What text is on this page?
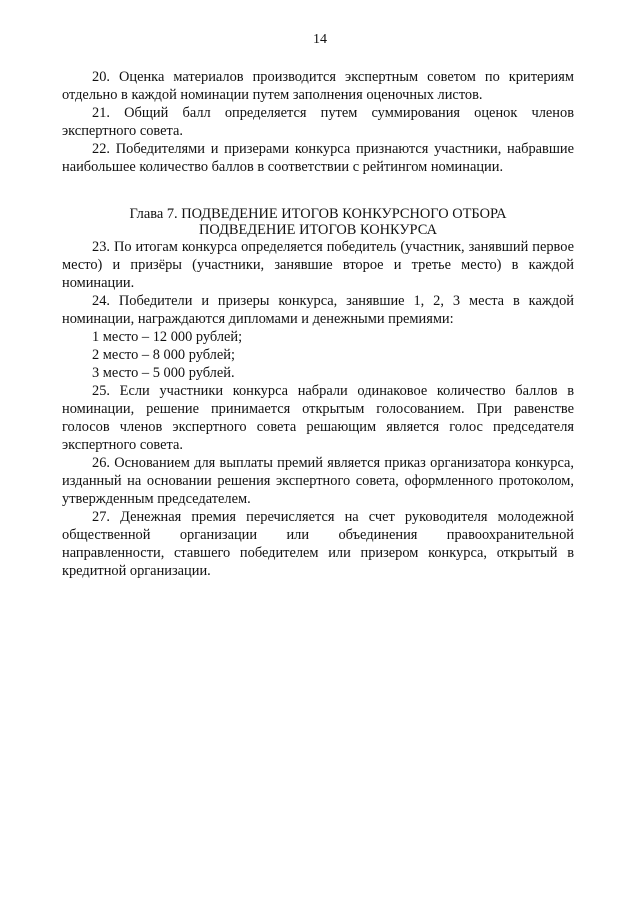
14

20. Оценка материалов производится экспертным советом по критериям отдельно в каждой номинации путем заполнения оценочных листов.

21. Общий балл определяется путем суммирования оценок членов экспертного совета.

22. Победителями и призерами конкурса признаются участники, набравшие наибольшее количество баллов в соответствии с рейтингом номинации.

Глава 7. ПОДВЕДЕНИЕ ИТОГОВ КОНКУРСНОГО ОТБОРА
ПОДВЕДЕНИЕ ИТОГОВ КОНКУРСА

23. По итогам конкурса определяется победитель (участник, занявший первое место) и призёры (участники, занявшие второе и третье место) в каждой номинации.

24. Победители и призеры конкурса, занявшие 1, 2, 3 места в каждой номинации, награждаются дипломами и денежными премиями:

1 место – 12 000 рублей;

2 место – 8 000 рублей;

3 место – 5 000 рублей.

25. Если участники конкурса набрали одинаковое количество баллов в номинации, решение принимается открытым голосованием. При равенстве голосов членов экспертного совета решающим является голос председателя экспертного совета.

26. Основанием для выплаты премий является приказ организатора конкурса, изданный на основании решения экспертного совета, оформленного протоколом, утвержденным председателем.

27. Денежная премия перечисляется на счет руководителя молодежной общественной организации или объединения правоохранительной направленности, ставшего победителем или призером конкурса, открытый в кредитной организации.
